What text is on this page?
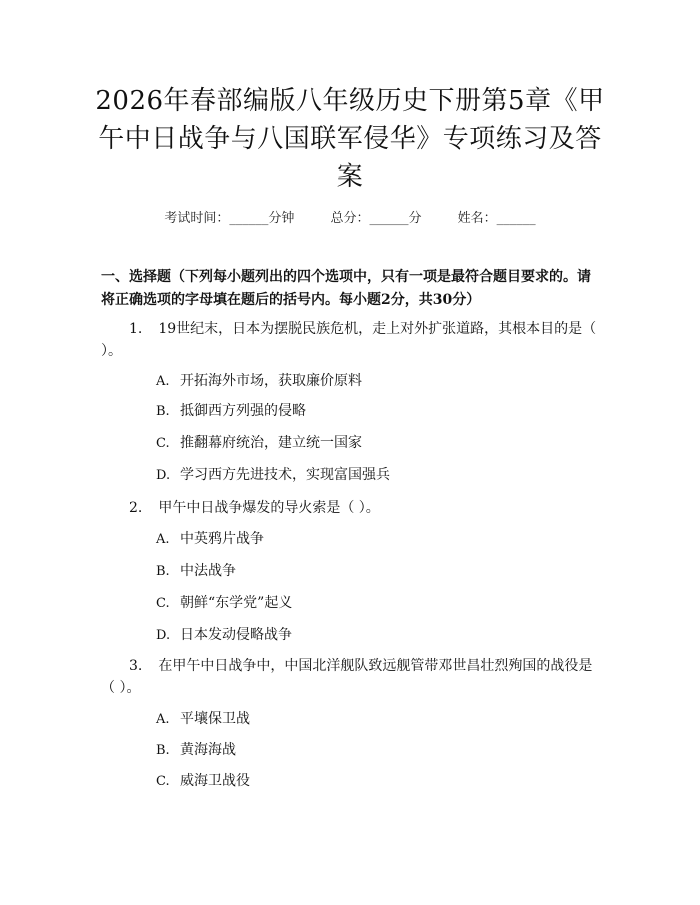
2026年春部编版八年级历史下册第5章《甲午中日战争与八国联军侵华》专项练习及答案
考试时间：______分钟	总分：______分	姓名：______
一、选择题（下列每小题列出的四个选项中，只有一项是最符合题目要求的。请将正确选项的字母填在题后的括号内。每小题2分，共30分）
1. 19世纪末，日本为摆脱民族危机，走上对外扩张道路，其根本目的是（ ）。
A. 开拓海外市场，获取廉价原料
B. 抵御西方列强的侵略
C. 推翻幕府统治，建立统一国家
D. 学习西方先进技术，实现富国强兵
2. 甲午中日战争爆发的导火索是（ ）。
A. 中英鸦片战争
B. 中法战争
C. 朝鲜“东学党”起义
D. 日本发动侵略战争
3. 在甲午中日战争中，中国北洋舰队致远舰管带邓世昌壮烈殉国的战役是（ ）。
A. 平壤保卫战
B. 黄海海战
C. 威海卫战役
